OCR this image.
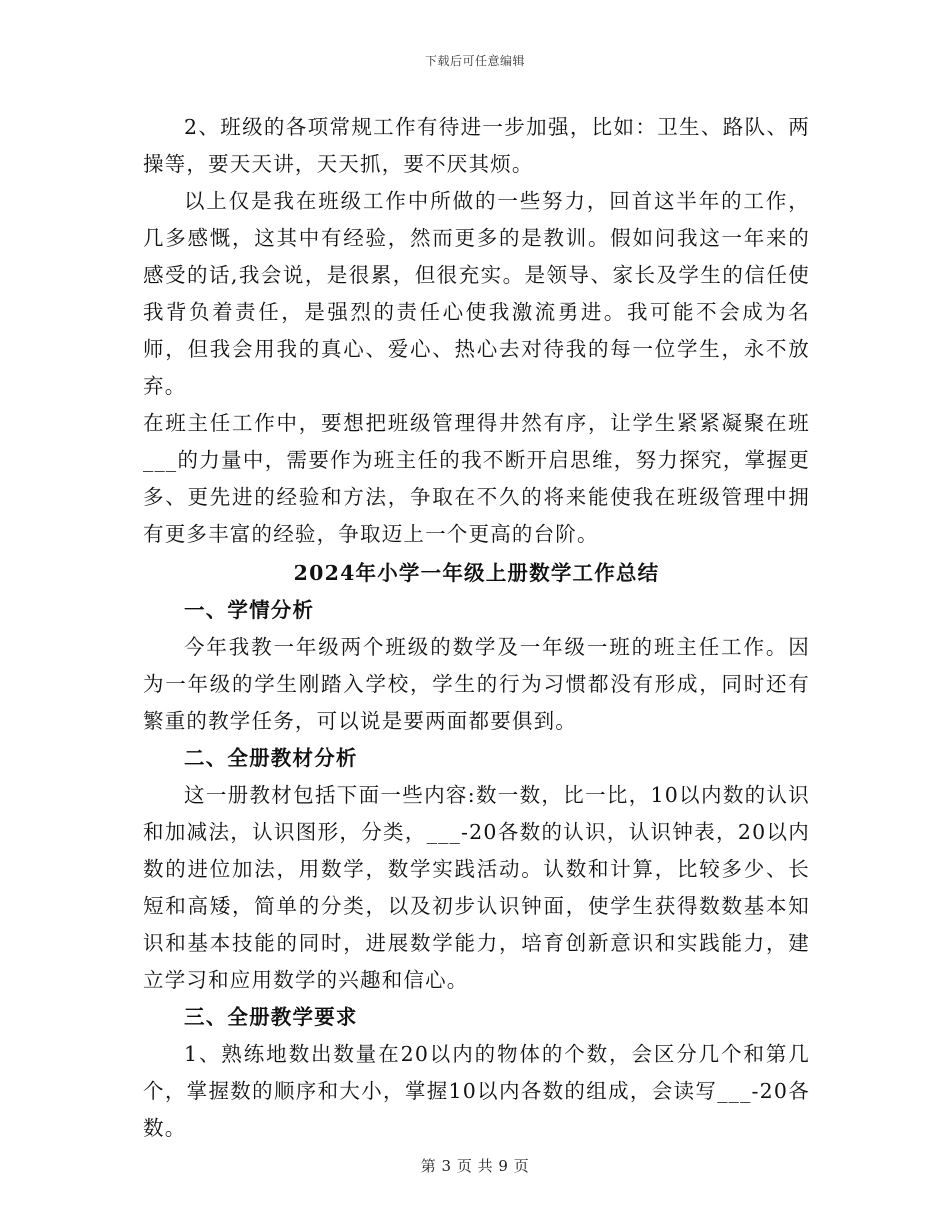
下载后可任意编辑

2、班级的各项常规工作有待进一步加强，比如：卫生、路队、两操等，要天天讲，天天抓，要不厌其烦。

以上仅是我在班级工作中所做的一些努力，回首这半年的工作，几多感慨，这其中有经验，然而更多的是教训。假如问我这一年来的感受的话,我会说，是很累，但很充实。是领导、家长及学生的信任使我背负着责任，是强烈的责任心使我激流勇进。我可能不会成为名师，但我会用我的真心、爱心、热心去对待我的每一位学生，永不放弃。

在班主任工作中，要想把班级管理得井然有序，让学生紧紧凝聚在班___的力量中，需要作为班主任的我不断开启思维，努力探究，掌握更多、更先进的经验和方法，争取在不久的将来能使我在班级管理中拥有更多丰富的经验，争取迈上一个更高的台阶。

2024年小学一年级上册数学工作总结

一、学情分析

今年我教一年级两个班级的数学及一年级一班的班主任工作。因为一年级的学生刚踏入学校，学生的行为习惯都没有形成，同时还有繁重的教学任务，可以说是要两面都要俱到。

二、全册教材分析

这一册教材包括下面一些内容:数一数，比一比，10以内数的认识和加减法，认识图形，分类，___-20各数的认识，认识钟表，20以内数的进位加法，用数学，数学实践活动。认数和计算，比较多少、长短和高矮，简单的分类，以及初步认识钟面，使学生获得数数基本知识和基本技能的同时，进展数学能力，培育创新意识和实践能力，建立学习和应用数学的兴趣和信心。

三、全册教学要求

1、熟练地数出数量在20以内的物体的个数，会区分几个和第几个，掌握数的顺序和大小，掌握10以内各数的组成，会读写___-20各数。

第 3 页 共 9 页
